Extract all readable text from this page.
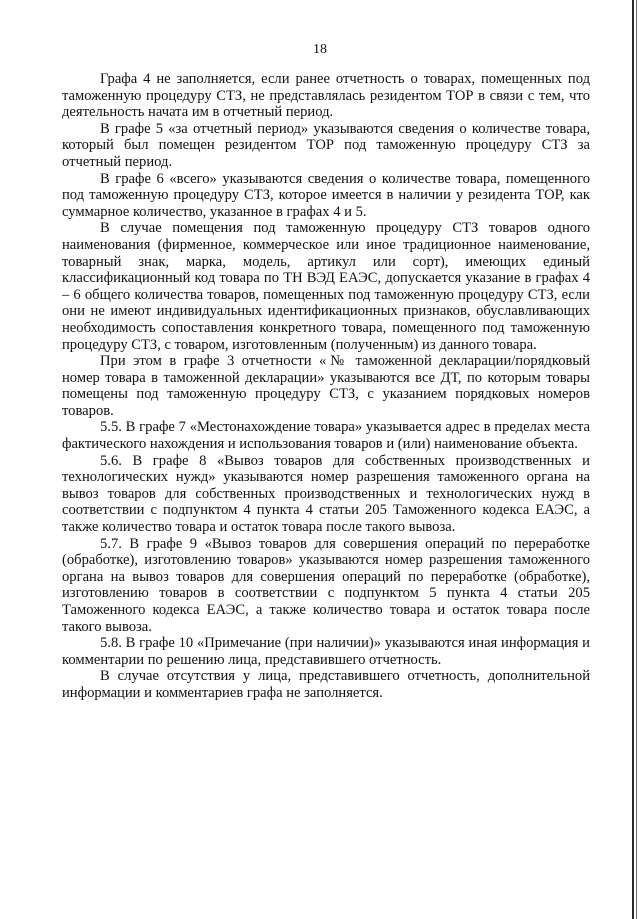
18

Графа 4 не заполняется, если ранее отчетность о товарах, помещенных под таможенную процедуру СТЗ, не представлялась резидентом ТОР в связи с тем, что деятельность начата им в отчетный период.

В графе 5 «за отчетный период» указываются сведения о количестве товара, который был помещен резидентом ТОР под таможенную процедуру СТЗ за отчетный период.

В графе 6 «всего» указываются сведения о количестве товара, помещенного под таможенную процедуру СТЗ, которое имеется в наличии у резидента ТОР, как суммарное количество, указанное в графах 4 и 5.

В случае помещения под таможенную процедуру СТЗ товаров одного наименования (фирменное, коммерческое или иное традиционное наименование, товарный знак, марка, модель, артикул или сорт), имеющих единый классификационный код товара по ТН ВЭД ЕАЭС, допускается указание в графах 4 – 6 общего количества товаров, помещенных под таможенную процедуру СТЗ, если они не имеют индивидуальных идентификационных признаков, обуславливающих необходимость сопоставления конкретного товара, помещенного под таможенную процедуру СТЗ, с товаром, изготовленным (полученным) из данного товара.

При этом в графе 3 отчетности «№ таможенной декларации/порядковый номер товара в таможенной декларации» указываются все ДТ, по которым товары помещены под таможенную процедуру СТЗ, с указанием порядковых номеров товаров.

5.5. В графе 7 «Местонахождение товара» указывается адрес в пределах места фактического нахождения и использования товаров и (или) наименование объекта.

5.6. В графе 8 «Вывоз товаров для собственных производственных и технологических нужд» указываются номер разрешения таможенного органа на вывоз товаров для собственных производственных и технологических нужд в соответствии с подпунктом 4 пункта 4 статьи 205 Таможенного кодекса ЕАЭС, а также количество товара и остаток товара после такого вывоза.

5.7. В графе 9 «Вывоз товаров для совершения операций по переработке (обработке), изготовлению товаров» указываются номер разрешения таможенного органа на вывоз товаров для совершения операций по переработке (обработке), изготовлению товаров в соответствии с подпунктом 5 пункта 4 статьи 205 Таможенного кодекса ЕАЭС, а также количество товара и остаток товара после такого вывоза.

5.8. В графе 10 «Примечание (при наличии)» указываются иная информация и комментарии по решению лица, представившего отчетность.

В случае отсутствия у лица, представившего отчетность, дополнительной информации и комментариев графа не заполняется.
